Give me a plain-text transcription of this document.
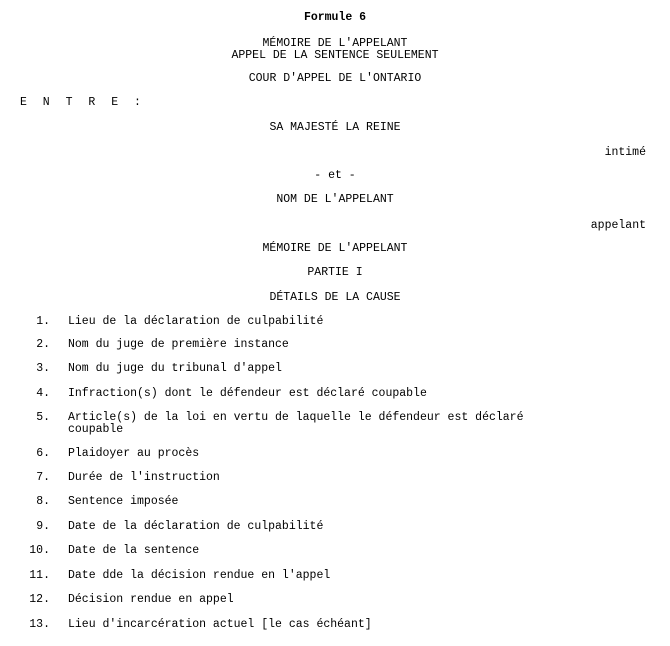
Formule 6
MÉMOIRE DE L'APPELANT
APPEL DE LA SENTENCE SEULEMENT
COUR D'APPEL DE L'ONTARIO
E N T R E :
SA MAJESTÉ LA REINE
intimé
- et -
NOM DE L'APPELANT
appelant
MÉMOIRE DE L'APPELANT
PARTIE I
DÉTAILS DE LA CAUSE
1. Lieu de la déclaration de culpabilité
2. Nom du juge de première instance
3. Nom du juge du tribunal d'appel
4. Infraction(s) dont le défendeur est déclaré coupable
5. Article(s) de la loi en vertu de laquelle le défendeur est déclaré
coupable
6. Plaidoyer au procès
7. Durée de l'instruction
8. Sentence imposée
9. Date de la déclaration de culpabilité
10. Date de la sentence
11. Date dde la décision rendue en l'appel
12. Décision rendue en appel
13. Lieu d'incarcération actuel [le cas échéant]
